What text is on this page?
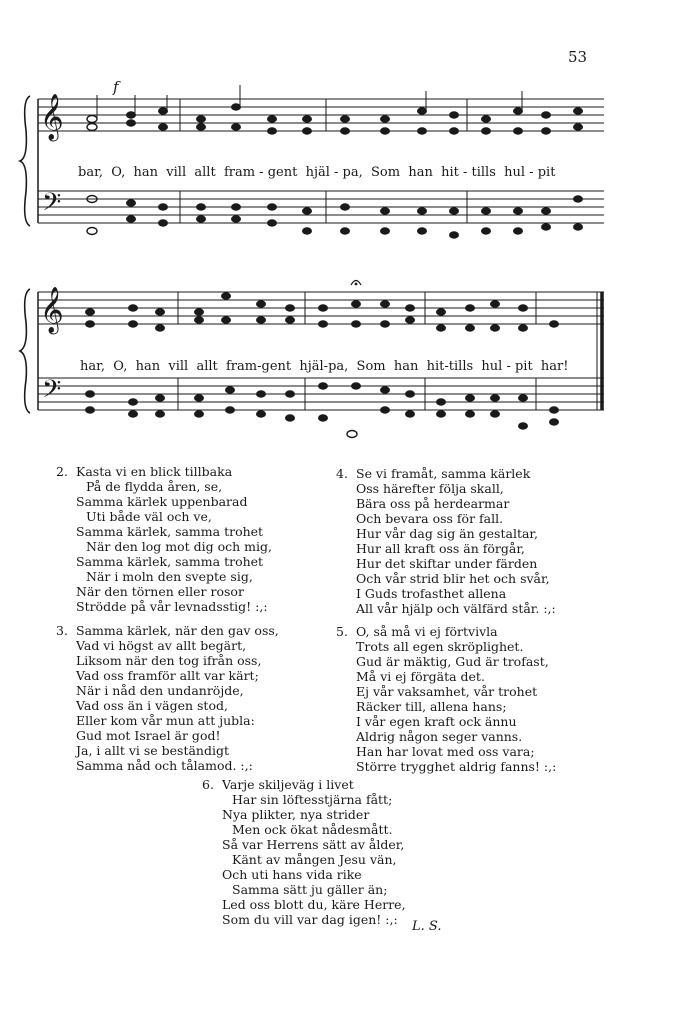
53
𝄞
𝄢
f
bar,  O,  han  vill  allt  fram - gent  hjäl - pa,  Som  han  hit - tills  hul - pit
𝄞
𝄢
har,  O,  han  vill  allt  fram-gent  hjäl-pa,  Som  han  hit-tills  hul - pit  har!
2. Kasta vi en blick tillbaka
På de flydda åren, se,
Samma kärlek uppenbarad
Uti både väl och ve,
Samma kärlek, samma trohet
När den log mot dig och mig,
Samma kärlek, samma trohet
När i moln den svepte sig,
När den törnen eller rosor
Strödde på vår levnadsstig! :,:
3. Samma kärlek, när den gav oss,
Vad vi högst av allt begärt,
Liksom när den tog ifrån oss,
Vad oss framför allt var kärt;
När i nåd den undanröjde,
Vad oss än i vägen stod,
Eller kom vår mun att jubla:
Gud mot Israel är god!
Ja, i allt vi se beständigt
Samma nåd och tålamod. :,:
4. Se vi framåt, samma kärlek
Oss härefter följa skall,
Bära oss på herdearmar
Och bevara oss för fall.
Hur vår dag sig än gestaltar,
Hur all kraft oss än förgår,
Hur det skiftar under färden
Och vår strid blir het och svår,
I Guds trofasthet allena
All vår hjälp och välfärd står. :,:
5. O, så må vi ej förtvivla
Trots all egen skröplighet.
Gud är mäktig, Gud är trofast,
Må vi ej förgäta det.
Ej vår vaksamhet, vår trohet
Räcker till, allena hans;
I vår egen kraft ock ännu
Aldrig någon seger vanns.
Han har lovat med oss vara;
Större trygghet aldrig fanns! :,:
6. Varje skiljeväg i livet
Har sin löftesstjärna fått;
Nya plikter, nya strider
Men ock ökat nådesmått.
Så var Herrens sätt av ålder,
Känt av mången Jesu vän,
Och uti hans vida rike
Samma sätt ju gäller än;
Led oss blott du, käre Herre,
Som du vill var dag igen! :,:	L. S.
